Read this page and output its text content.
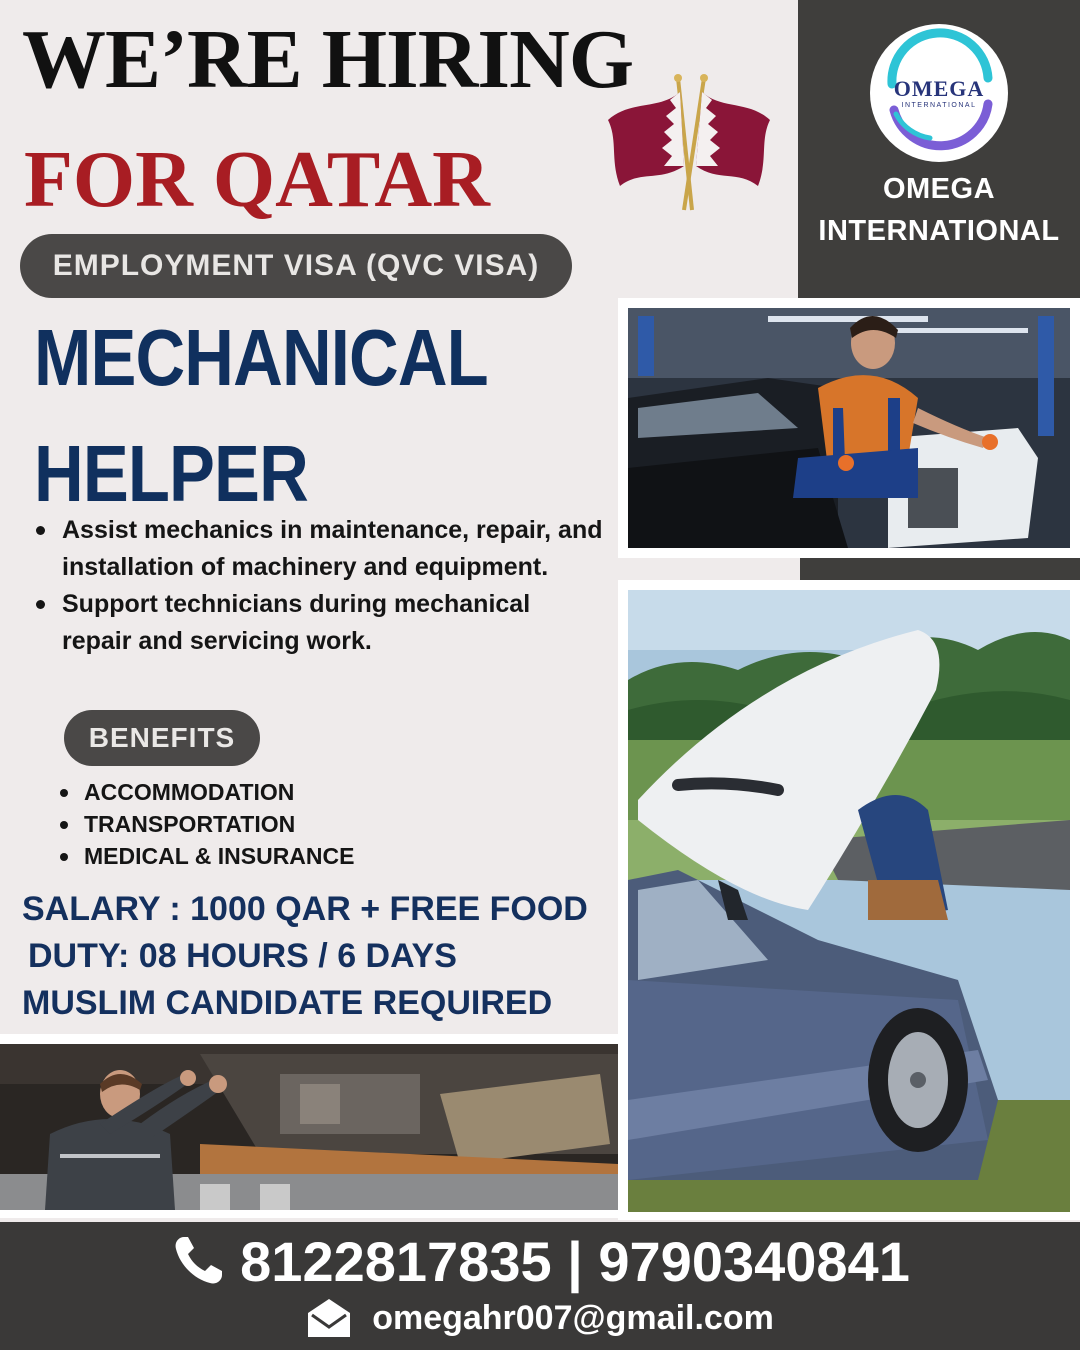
WE’RE HIRING
FOR QATAR
EMPLOYMENT VISA (QVC VISA)
OMEGA
INTERNATIONAL
OMEGA
INTERNATIONAL
MECHANICAL
HELPER
Assist mechanics in maintenance, repair, and installation of machinery and equipment.
Support technicians during mechanical repair and servicing work.
BENEFITS
ACCOMMODATION
TRANSPORTATION
MEDICAL & INSURANCE
SALARY : 1000 QAR + FREE FOOD
DUTY: 08 HOURS / 6 DAYS
MUSLIM CANDIDATE REQUIRED
8122817835 | 9790340841
omegahr007@gmail.com
